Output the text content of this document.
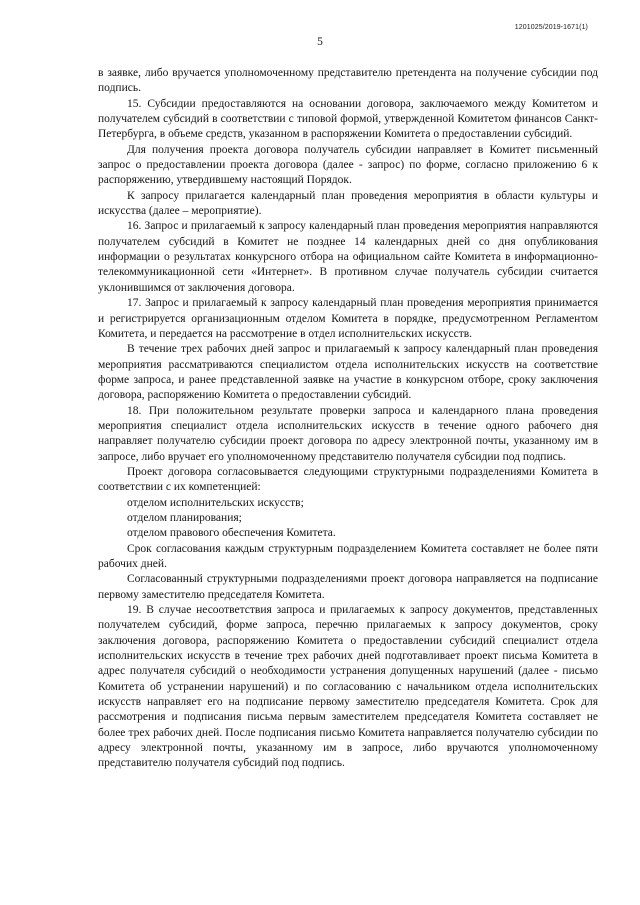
1201025/2019-1671(1)
5

в заявке, либо вручается уполномоченному представителю претендента на получение субсидии под подпись.

15. Субсидии предоставляются на основании договора, заключаемого между Комитетом и получателем субсидий в соответствии с типовой формой, утвержденной Комитетом финансов Санкт-Петербурга, в объеме средств, указанном в распоряжении Комитета о предоставлении субсидий.

Для получения проекта договора получатель субсидии направляет в Комитет письменный запрос о предоставлении проекта договора (далее - запрос) по форме, согласно приложению 6 к распоряжению, утвердившему настоящий Порядок.

К запросу прилагается календарный план проведения мероприятия в области культуры и искусства (далее – мероприятие).

16. Запрос и прилагаемый к запросу календарный план проведения мероприятия направляются получателем субсидий в Комитет не позднее 14 календарных дней со дня опубликования информации о результатах конкурсного отбора на официальном сайте Комитета в информационно-телекоммуникационной сети «Интернет». В противном случае получатель субсидии считается уклонившимся от заключения договора.

17. Запрос и прилагаемый к запросу календарный план проведения мероприятия принимается и регистрируется организационным отделом Комитета в порядке, предусмотренном Регламентом Комитета, и передается на рассмотрение в отдел исполнительских искусств.

В течение трех рабочих дней запрос и прилагаемый к запросу календарный план проведения мероприятия рассматриваются специалистом отдела исполнительских искусств на соответствие форме запроса, и ранее представленной заявке на участие в конкурсном отборе, сроку заключения договора, распоряжению Комитета о предоставлении субсидий.

18. При положительном результате проверки запроса и календарного плана проведения мероприятия специалист отдела исполнительских искусств в течение одного рабочего дня направляет получателю субсидии проект договора по адресу электронной почты, указанному им в запросе, либо вручает его уполномоченному представителю получателя субсидии под подпись.

Проект договора согласовывается следующими структурными подразделениями Комитета в соответствии с их компетенцией:

отделом исполнительских искусств;

отделом планирования;

отделом правового обеспечения Комитета.

Срок согласования каждым структурным подразделением Комитета составляет не более пяти рабочих дней.

Согласованный структурными подразделениями проект договора направляется на подписание первому заместителю председателя Комитета.

19. В случае несоответствия запроса и прилагаемых к запросу документов, представленных получателем субсидий, форме запроса, перечню прилагаемых к запросу документов, сроку заключения договора, распоряжению Комитета о предоставлении субсидий специалист отдела исполнительских искусств в течение трех рабочих дней подготавливает проект письма Комитета в адрес получателя субсидий о необходимости устранения допущенных нарушений (далее - письмо Комитета об устранении нарушений) и по согласованию с начальником отдела исполнительских искусств направляет его на подписание первому заместителю председателя Комитета. Срок для рассмотрения и подписания письма первым заместителем председателя Комитета составляет не более трех рабочих дней. После подписания письмо Комитета направляется получателю субсидии по адресу электронной почты, указанному им в запросе, либо вручаются уполномоченному представителю получателя субсидий под подпись.
